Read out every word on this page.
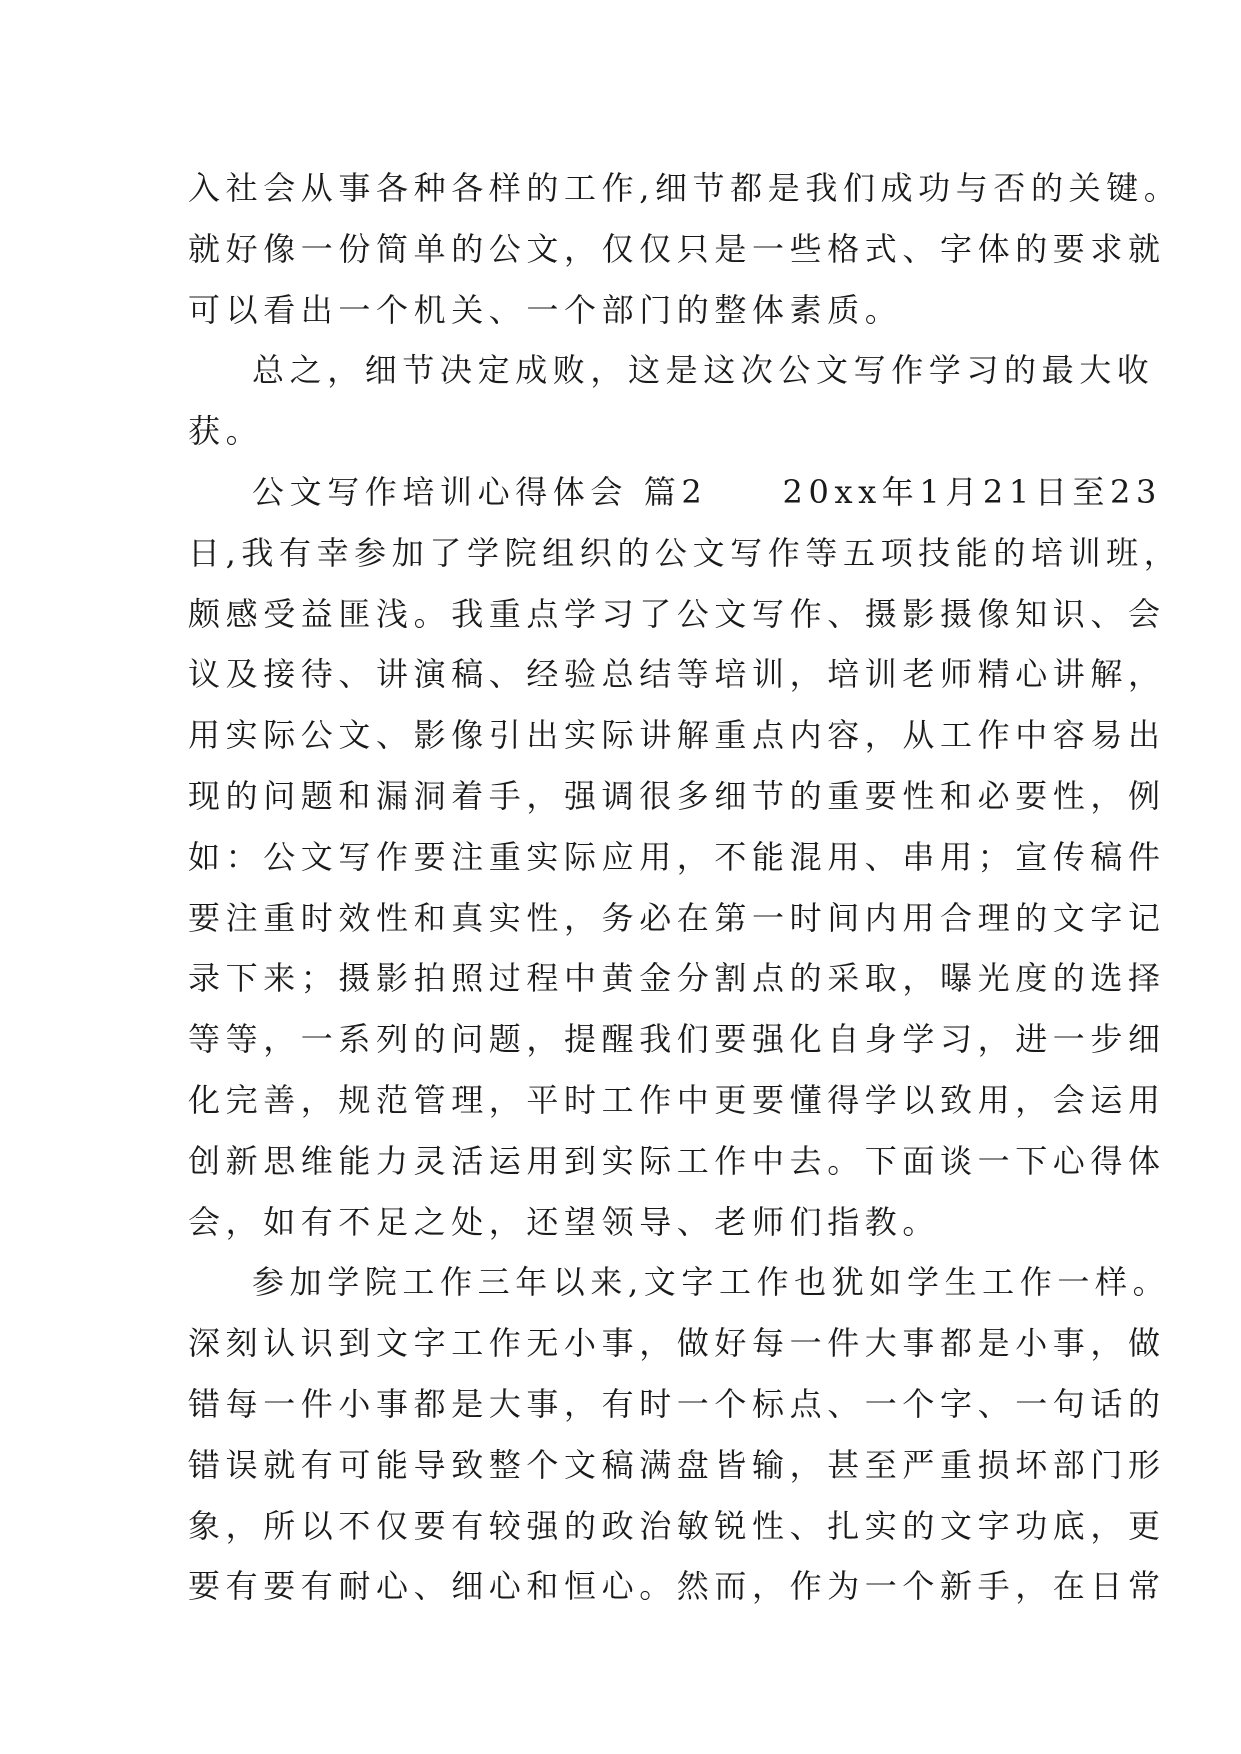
入社会从事各种各样的工作,细节都是我们成功与否的关键。
就好像一份简单的公文，仅仅只是一些格式、字体的要求就
可以看出一个机关、一个部门的整体素质。
总之，细节决定成败，这是这次公文写作学习的最大收
获。
公文写作培训心得体会 篇2　　20xx年1月21日至23
日,我有幸参加了学院组织的公文写作等五项技能的培训班，
颇感受益匪浅。我重点学习了公文写作、摄影摄像知识、会
议及接待、讲演稿、经验总结等培训，培训老师精心讲解，
用实际公文、影像引出实际讲解重点内容，从工作中容易出
现的问题和漏洞着手，强调很多细节的重要性和必要性，例
如：公文写作要注重实际应用，不能混用、串用；宣传稿件
要注重时效性和真实性，务必在第一时间内用合理的文字记
录下来；摄影拍照过程中黄金分割点的采取，曝光度的选择
等等，一系列的问题，提醒我们要强化自身学习，进一步细
化完善，规范管理，平时工作中更要懂得学以致用，会运用
创新思维能力灵活运用到实际工作中去。下面谈一下心得体
会，如有不足之处，还望领导、老师们指教。
参加学院工作三年以来,文字工作也犹如学生工作一样。
深刻认识到文字工作无小事，做好每一件大事都是小事，做
错每一件小事都是大事，有时一个标点、一个字、一句话的
错误就有可能导致整个文稿满盘皆输，甚至严重损坏部门形
象，所以不仅要有较强的政治敏锐性、扎实的文字功底，更
要有要有耐心、细心和恒心。然而，作为一个新手，在日常
